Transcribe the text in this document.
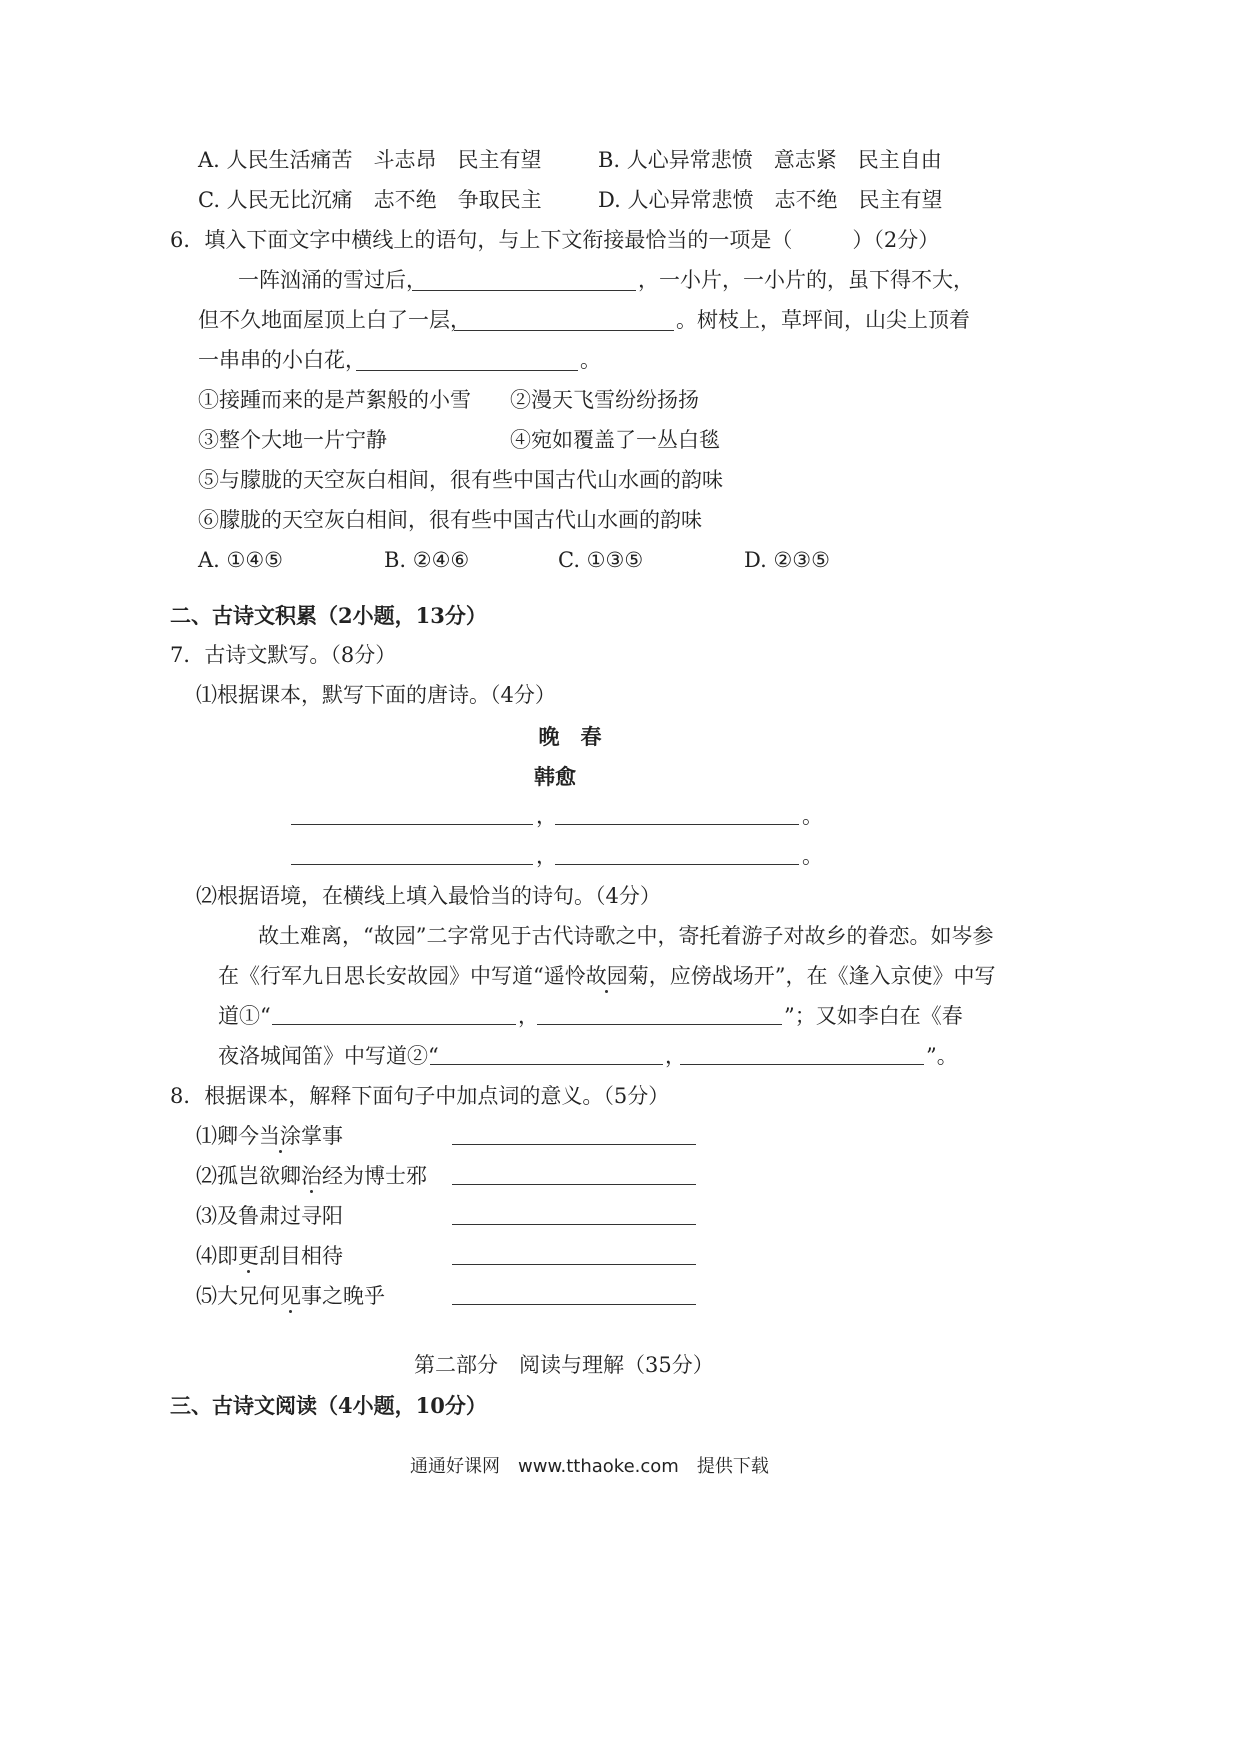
A. 人民生活痛苦　斗志昂　民主有望	B. 人心异常悲愤　意志紧　民主自由
C. 人民无比沉痛　志不绝　争取民主	D. 人心异常悲愤　志不绝　民主有望
6．填入下面文字中横线上的语句，与上下文衔接最恰当的一项是（	）（2分）
一阵汹涌的雪过后，	，一小片，一小片的，虽下得不大，
但不久地面屋顶上白了一层，	。树枝上，草坪间，山尖上顶着
一串串的小白花，	。
①接踵而来的是芦絮般的小雪 ②漫天飞雪纷纷扬扬
③整个大地一片宁静	④宛如覆盖了一丛白毯
⑤与朦胧的天空灰白相间，很有些中国古代山水画的韵味
⑥朦胧的天空灰白相间，很有些中国古代山水画的韵味
A. ①④⑤	B. ②④⑥	C. ①③⑤	D. ②③⑤
二、古诗文积累（2小题，13分）
7．古诗文默写。（8分）
⑴根据课本，默写下面的唐诗。（4分）
晚　春
韩愈
，	。
，	。
⑵根据语境，在横线上填入最恰当的诗句。（4分）
故土难离，“故园”二字常见于古代诗歌之中，寄托着游子对故乡的眷恋。如岑参
在《行军九日思长安故园》中写道“遥怜故园菊，应傍战场开”，在《逢入京使》中写
道①“	，	”；又如李白在《春
夜洛城闻笛》中写道②“	，	”。
8．根据课本，解释下面句子中加点词的意义。（5分）
⑴卿今当涂掌事
⑵孤岂欲卿治经为博士邪
⑶及鲁肃过寻阳
⑷即更刮目相待
⑸大兄何见事之晚乎
第二部分　阅读与理解（35分）
三、古诗文阅读（4小题，10分）
通通好课网　www.tthaoke.com　提供下载
